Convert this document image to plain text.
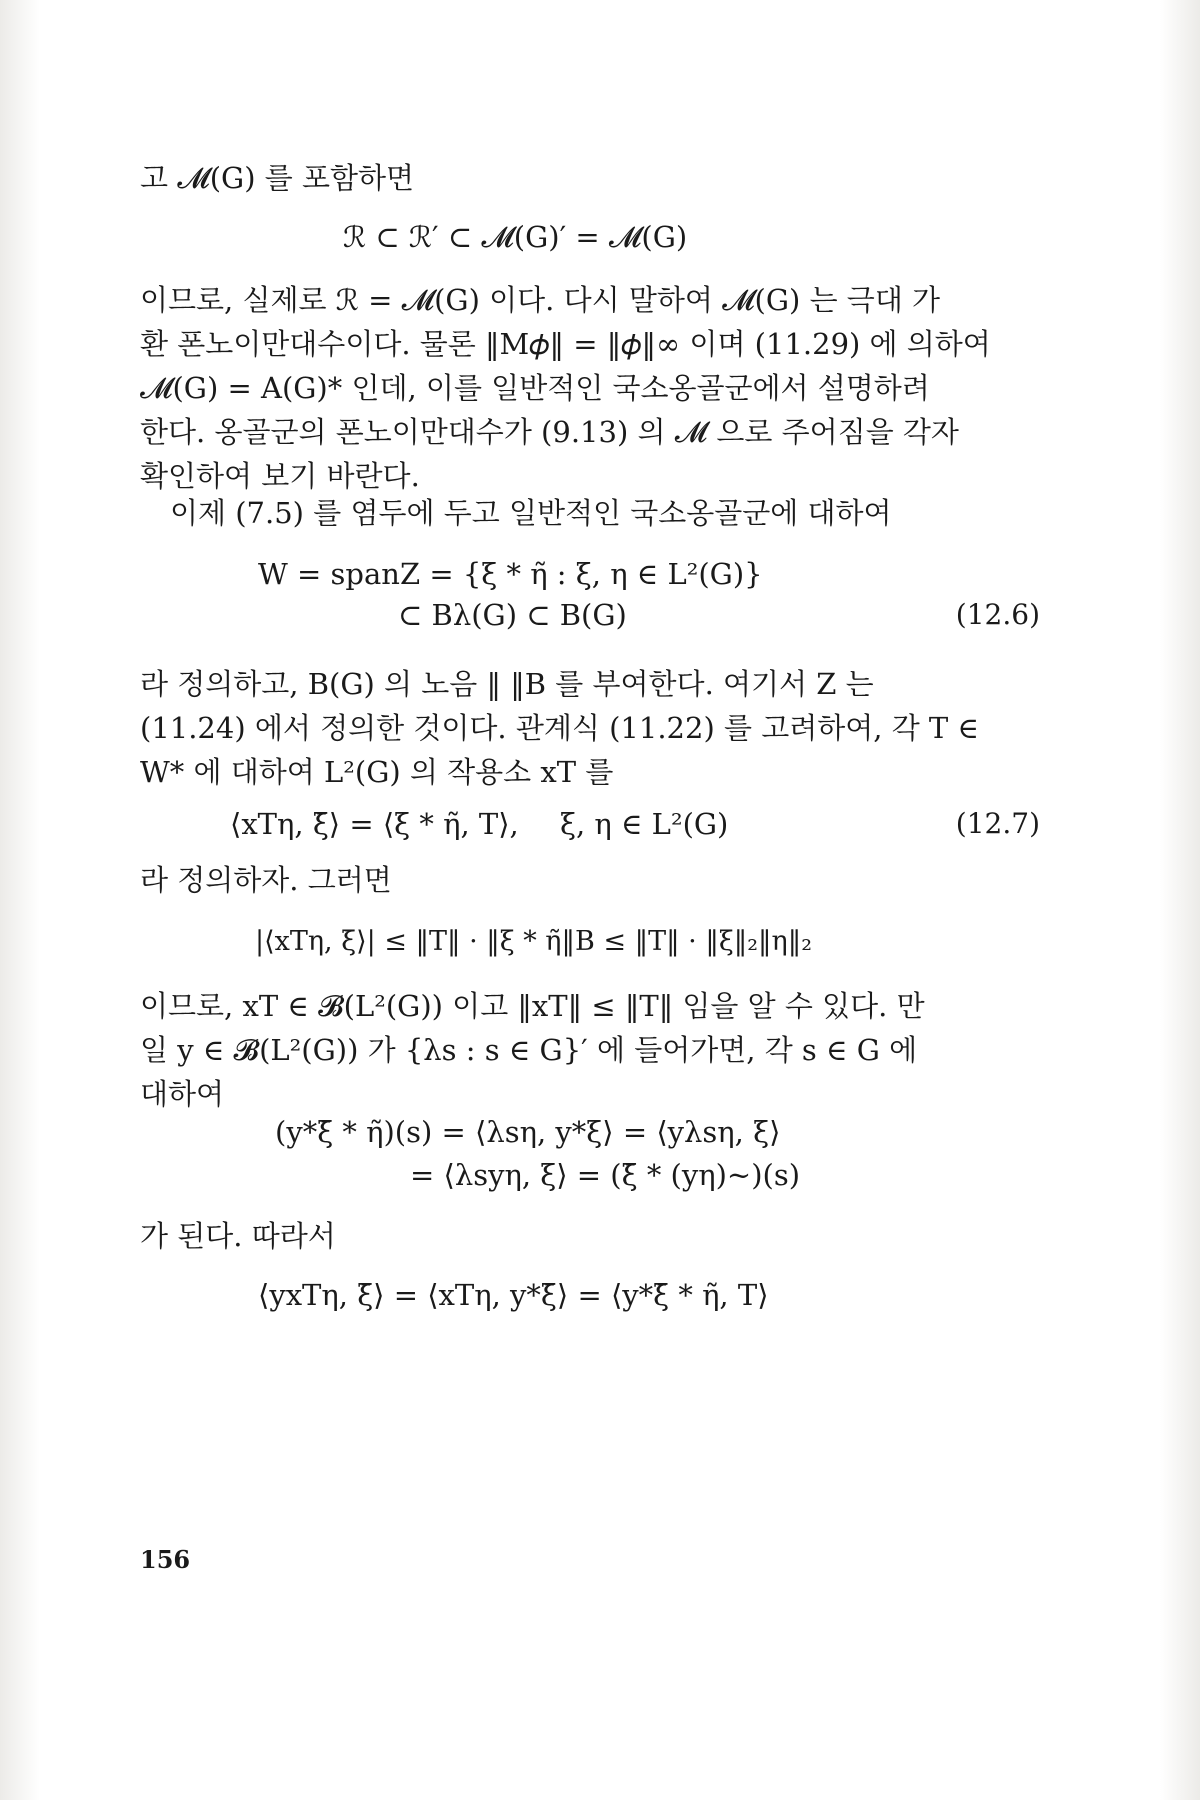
고 𝓜(G) 를 포함하면
ℛ ⊂ ℛ′ ⊂ 𝓜(G)′ = 𝓜(G)
이므로, 실제로 ℛ = 𝓜(G) 이다. 다시 말하여 𝓜(G) 는 극대 가
환 폰노이만대수이다. 물론 ‖M𝜙‖ = ‖𝜙‖∞ 이며 (11.29) 에 의하여
𝓜(G) = A(G)* 인데, 이를 일반적인 국소옹골군에서 설명하려
한다. 옹골군의 폰노이만대수가 (9.13) 의 𝓜 으로 주어짐을 각자
확인하여 보기 바란다.
이제 (7.5) 를 염두에 두고 일반적인 국소옹골군에 대하여
W = spanZ = {ξ * η̃ : ξ, η ∈ L²(G)}
⊂ Bλ(G) ⊂ B(G)	(12.6)
라 정의하고, B(G) 의 노음 ‖ ‖B 를 부여한다. 여기서 Z 는
(11.24) 에서 정의한 것이다. 관계식 (11.22) 를 고려하여, 각 T ∈
W* 에 대하여 L²(G) 의 작용소 xT 를
⟨xTη, ξ̄⟩ = ⟨ξ * η̃, T⟩, ξ, η ∈ L²(G)	(12.7)
라 정의하자. 그러면
|⟨xTη, ξ̄⟩| ≤ ‖T‖ · ‖ξ * η̃‖B ≤ ‖T‖ · ‖ξ‖₂‖η‖₂
이므로, xT ∈ 𝓑(L²(G)) 이고 ‖xT‖ ≤ ‖T‖ 임을 알 수 있다. 만
일 y ∈ 𝓑(L²(G)) 가 {λs : s ∈ G}′ 에 들어가면, 각 s ∈ G 에
대하여
(y*ξ̄ * η̃)(s) = ⟨λsη, y*ξ⟩ = ⟨yλsη, ξ⟩
= ⟨λsyη, ξ⟩ = (ξ̄ * (yη)~)(s)
가 된다. 따라서
⟨yxTη, ξ̄⟩ = ⟨xTη, y*ξ̄⟩ = ⟨y*ξ̄ * η̃, T⟩
156
